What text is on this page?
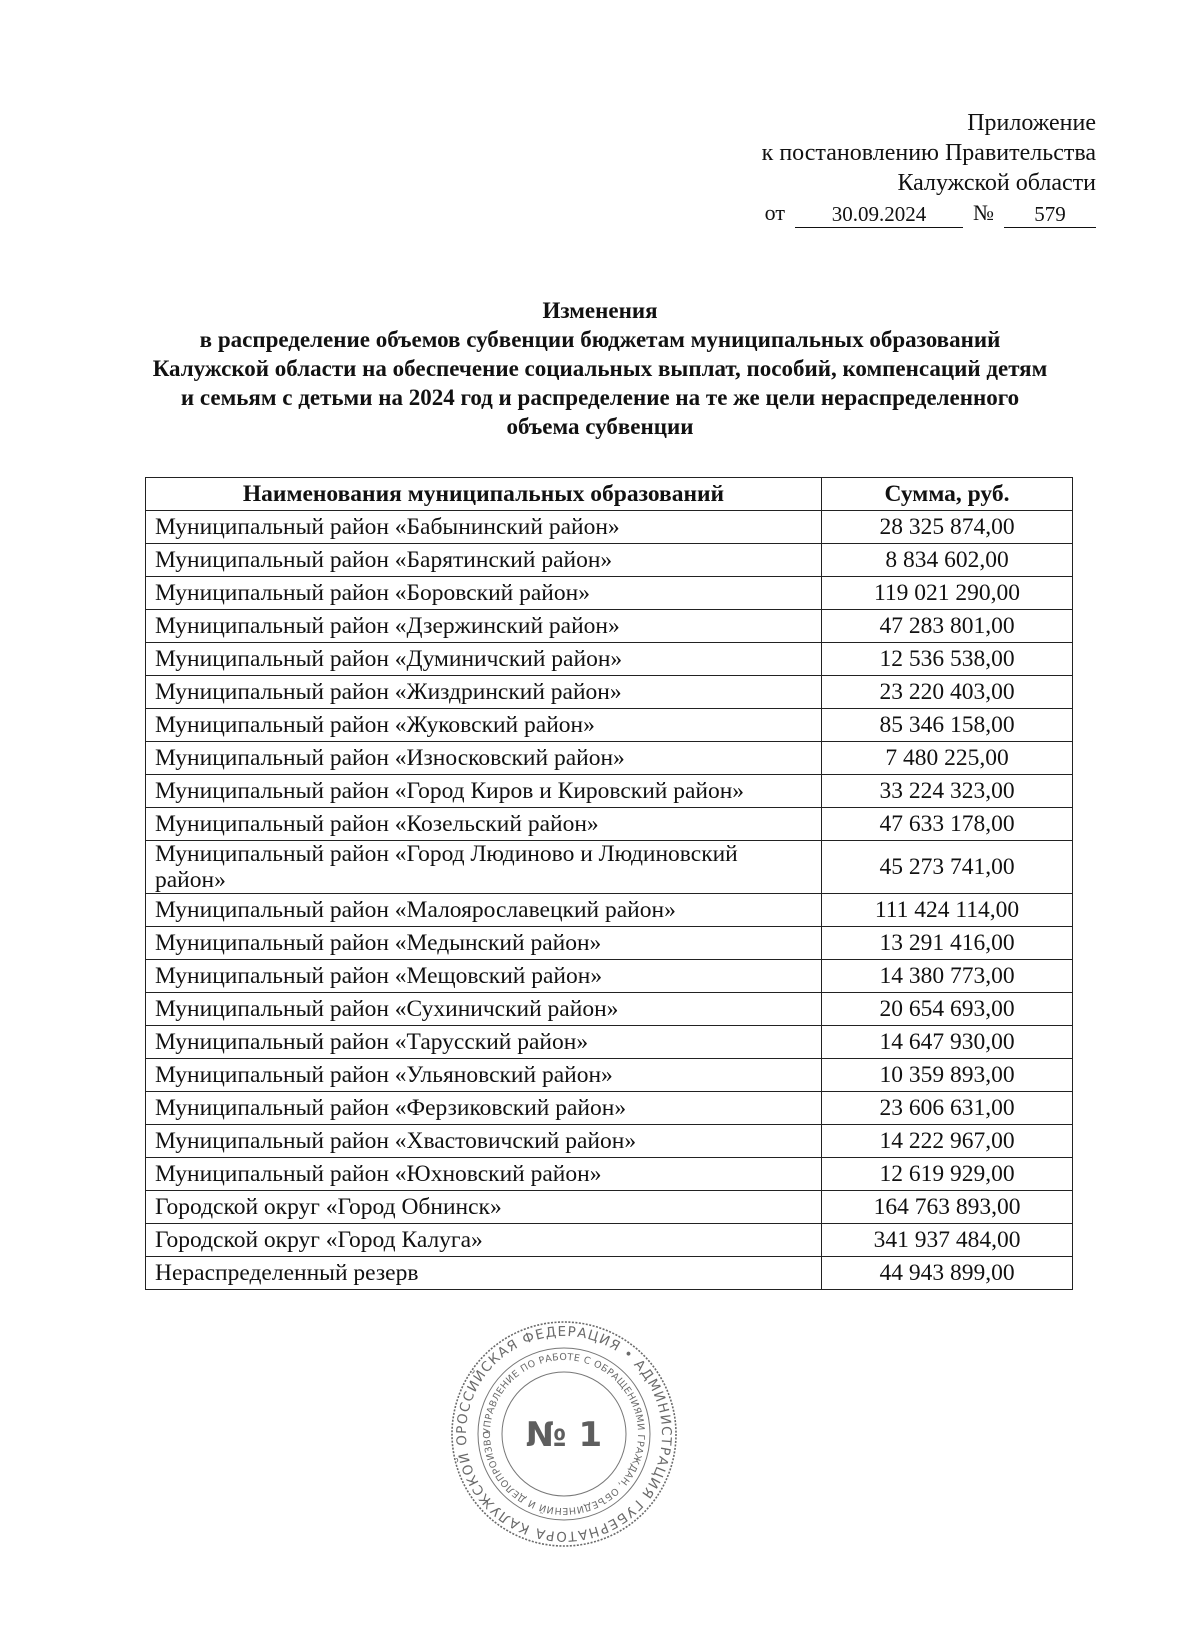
Приложение
к постановлению Правительства
Калужской области
от	30.09.2024	№	579
Изменения
в распределение объемов субвенции бюджетам муниципальных образований
Калужской области на обеспечение социальных выплат, пособий, компенсаций детям
и семьям с детьми на 2024 год и распределение на те же цели нераспределенного
объема субвенции
Наименования муниципальных образований	Сумма, руб.
Муниципальный район «Бабынинский район»	28 325 874,00
Муниципальный район «Барятинский район»	8 834 602,00
Муниципальный район «Боровский район»	119 021 290,00
Муниципальный район «Дзержинский район»	47 283 801,00
Муниципальный район «Думиничский район»	12 536 538,00
Муниципальный район «Жиздринский район»	23 220 403,00
Муниципальный район «Жуковский район»	85 346 158,00
Муниципальный район «Износковский район»	7 480 225,00
Муниципальный район «Город Киров и Кировский район»	33 224 323,00
Муниципальный район «Козельский район»	47 633 178,00
Муниципальный район «Город Людиново и Людиновский район»	45 273 741,00
Муниципальный район «Малоярославецкий район»	111 424 114,00
Муниципальный район «Медынский район»	13 291 416,00
Муниципальный район «Мещовский район»	14 380 773,00
Муниципальный район «Сухиничский район»	20 654 693,00
Муниципальный район «Тарусский район»	14 647 930,00
Муниципальный район «Ульяновский район»	10 359 893,00
Муниципальный район «Ферзиковский район»	23 606 631,00
Муниципальный район «Хвастовичский район»	14 222 967,00
Муниципальный район «Юхновский район»	12 619 929,00
Городской округ «Город Обнинск»	164 763 893,00
Городской округ «Город Калуга»	341 937 484,00
Нераспределенный резерв	44 943 899,00
РОССИЙСКАЯ ФЕДЕРАЦИЯ • АДМИНИСТРАЦИЯ ГУБЕРНАТОРА КАЛУЖСКОЙ О
УПРАВЛЕНИЕ ПО РАБОТЕ С ОБРАЩЕНИЯМИ ГРАЖДАН, ОБЪЕДИНЕНИЙ И ДЕЛОПРОИЗВО № 1
